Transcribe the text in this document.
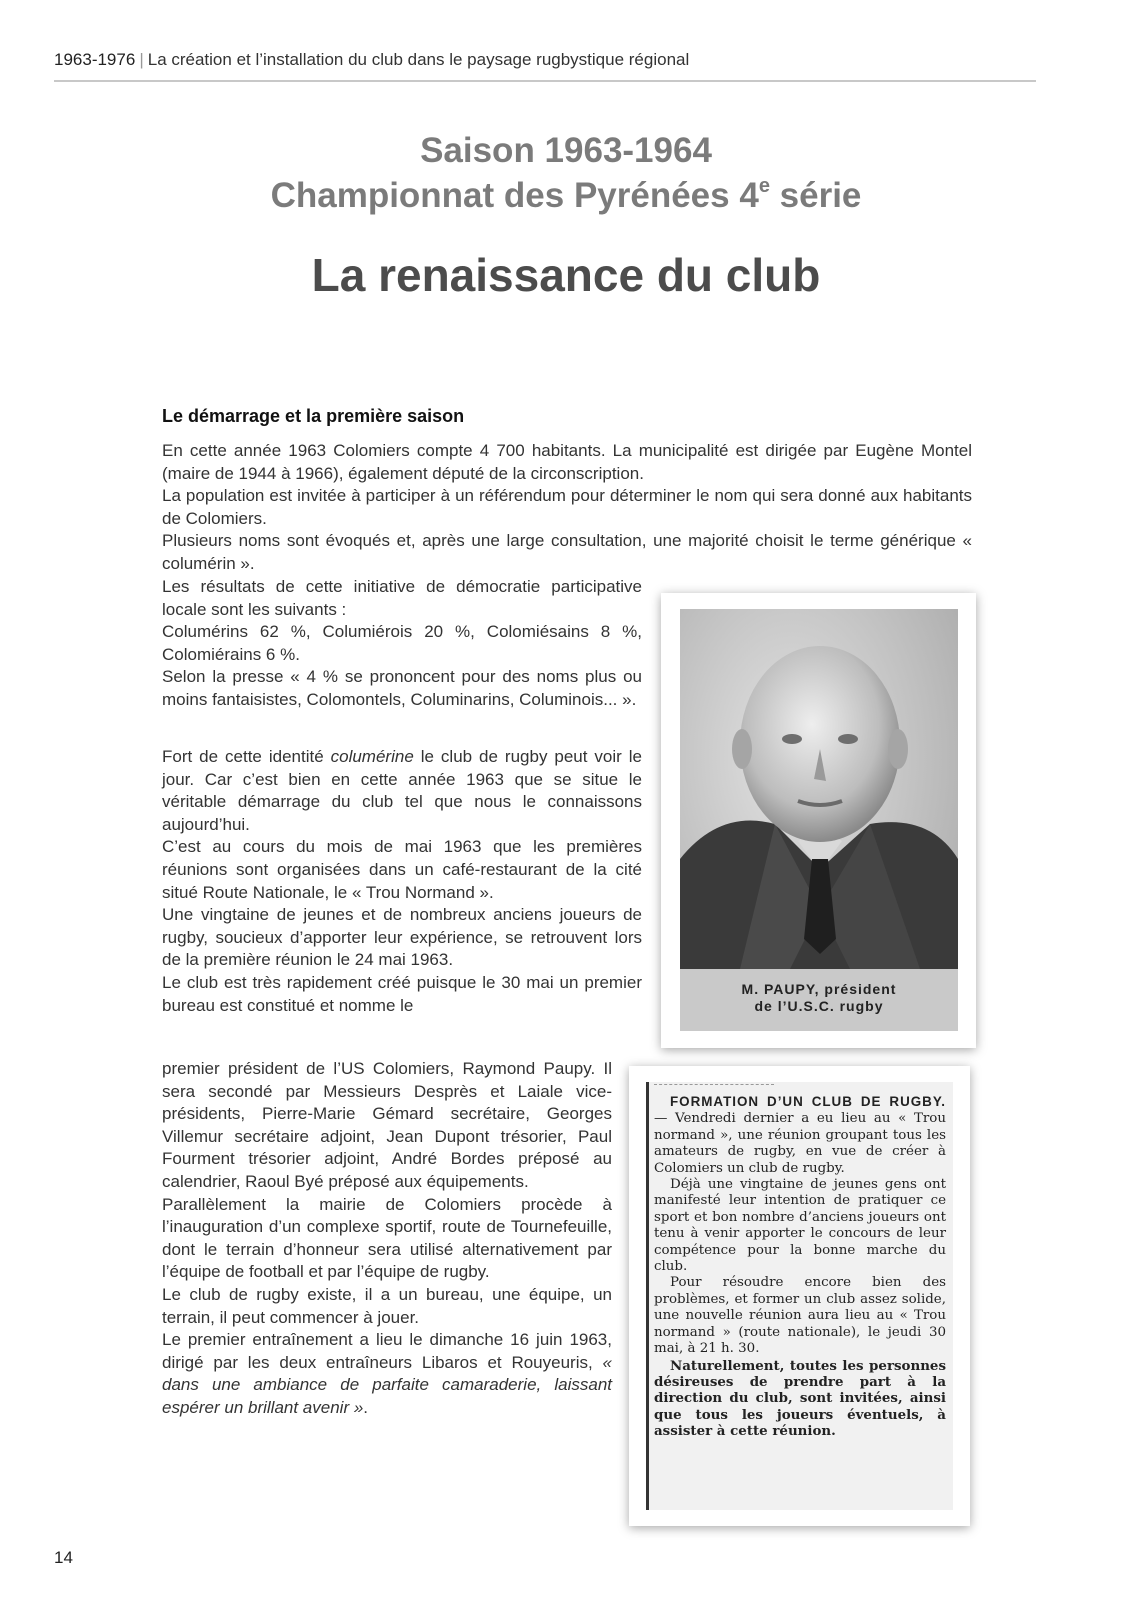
1963-1976 | La création et l’installation du club dans le paysage rugbystique régional
Saison 1963-1964
Championnat des Pyrénées 4e série
La renaissance du club
Le démarrage et la première saison

En cette année 1963 Colomiers compte 4 700 habitants. La municipalité est dirigée par Eugène Montel (maire de 1944 à 1966), également député de la circonscription.

La population est invitée à participer à un référendum pour déterminer le nom qui sera donné aux habitants de Colomiers.

Plusieurs noms sont évoqués et, après une large consultation, une majorité choisit le terme générique « columérin ».

Les résultats de cette initiative de démocratie participative locale sont les suivants :

Columérins 62 %, Columiérois 20 %, Colomiésains 8 %, Colomiérains 6 %.

Selon la presse « 4 % se prononcent pour des noms plus ou moins fantaisistes, Colomontels, Columinarins, Columinois... ».

Fort de cette identité columérine le club de rugby peut voir le jour. Car c’est bien en cette année 1963 que se situe le véritable démarrage du club tel que nous le connaissons aujourd’hui.

C’est au cours du mois de mai 1963 que les premières réunions sont organisées dans un café-restaurant de la cité situé Route Nationale, le « Trou Normand ».

Une vingtaine de jeunes et de nombreux anciens joueurs de rugby, soucieux d’apporter leur expérience, se retrouvent lors de la première réunion le 24 mai 1963.

Le club est très rapidement créé puisque le 30 mai un premier bureau est constitué et nomme le

premier président de l’US Colomiers, Raymond Paupy. Il sera secondé par Messieurs Desprès et Laiale vice-présidents, Pierre-Marie Gémard secrétaire, Georges Villemur secrétaire adjoint, Jean Dupont trésorier, Paul Fourment trésorier adjoint, André Bordes préposé au calendrier, Raoul Byé préposé aux équipements.

Parallèlement la mairie de Colomiers procède à l’inauguration d’un complexe sportif, route de Tournefeuille, dont le terrain d’honneur sera utilisé alternativement par l’équipe de football et par l’équipe de rugby.

Le club de rugby existe, il a un bureau, une équipe, un terrain, il peut commencer à jouer.

Le premier entraînement a lieu le dimanche 16 juin 1963, dirigé par les deux entraîneurs Libaros et Rouyeuris, « dans une ambiance de parfaite camaraderie, laissant espérer un brillant avenir ».

M. PAUPY, président
de l’U.S.C. rugby

FORMATION D’UN CLUB DE RUGBY. — Vendredi dernier a eu lieu au « Trou normand », une réunion groupant tous les amateurs de rugby, en vue de créer à Colomiers un club de rugby.

Déjà une vingtaine de jeunes gens ont manifesté leur intention de pratiquer ce sport et bon nombre d’anciens joueurs ont tenu à venir apporter le concours de leur compétence pour la bonne marche du club.

Pour résoudre encore bien des problèmes, et former un club assez solide, une nouvelle réunion aura lieu au « Trou normand » (route nationale), le jeudi 30 mai, à 21 h. 30.

Naturellement, toutes les personnes désireuses de prendre part à la direction du club, sont invitées, ainsi que tous les joueurs éventuels, à assister à cette réunion.

14
